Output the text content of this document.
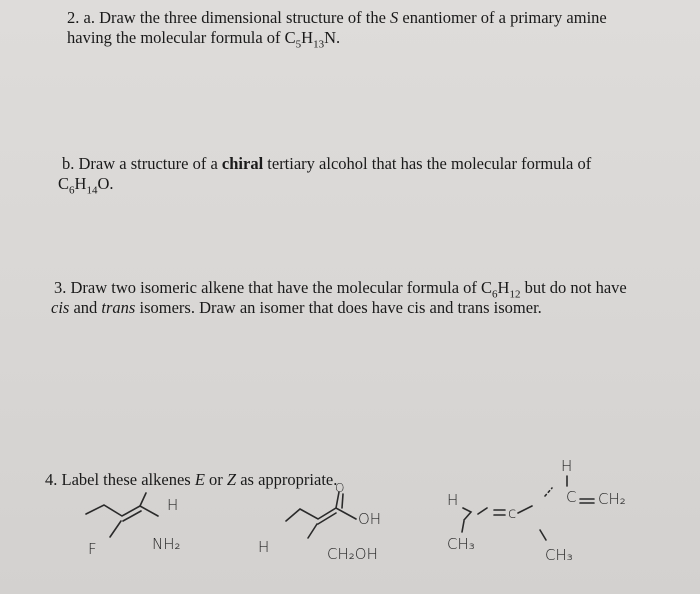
2. a. Draw the three dimensional structure of the S enantiomer of a primary amine

having the molecular formula of $C_5H_{13}N$.

b. Draw a structure of a chiral tertiary alcohol that has the molecular formula of

$C_6H_{14}O$.

3. Draw two isomeric alkene that have the molecular formula of $C_6H_{12}$ but do not have

cis and trans isomers. Draw an isomer that does have cis and trans isomer.

4. Label these alkenes E or Z as appropriate.

H
F	NH₂
O
OH
H	CH₂OH
H
H
c
C CH₂
CH₃
CH₃
